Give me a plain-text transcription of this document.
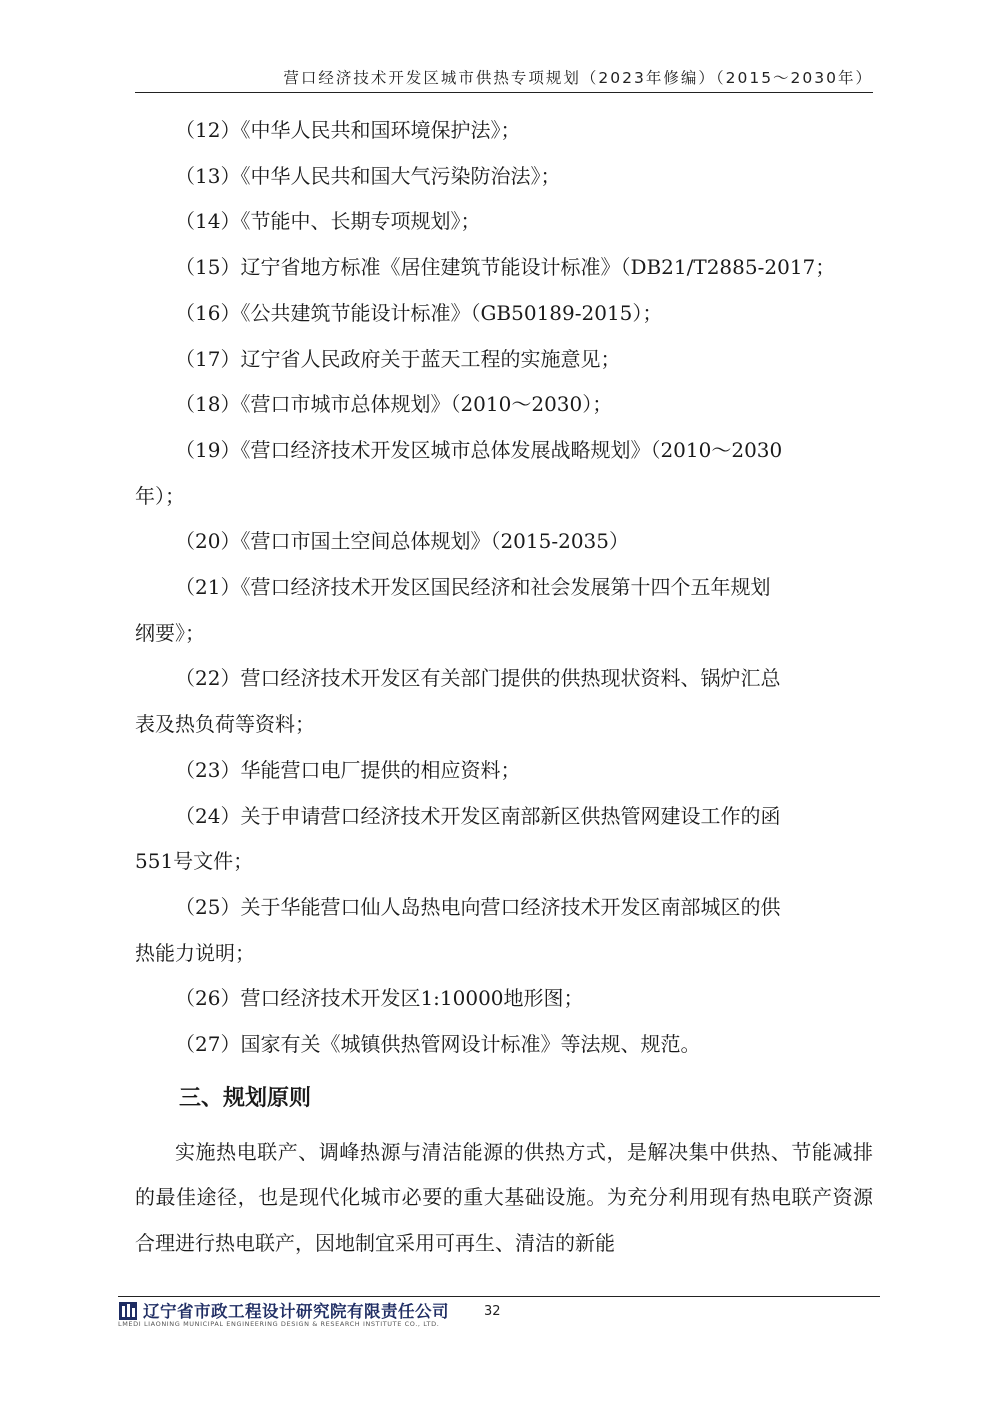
营口经济技术开发区城市供热专项规划（2023年修编）（2015～2030年）

（12）《中华人民共和国环境保护法》；

（13）《中华人民共和国大气污染防治法》；

（14）《节能中、长期专项规划》；

（15）辽宁省地方标准《居住建筑节能设计标准》（DB21/T2885-2017；

（16）《公共建筑节能设计标准》（GB50189-2015）；

（17）辽宁省人民政府关于蓝天工程的实施意见；

（18）《营口市城市总体规划》（2010～2030）；

（19）《营口经济技术开发区城市总体发展战略规划》（2010～2030

年）；

（20）《营口市国土空间总体规划》（2015-2035）

（21）《营口经济技术开发区国民经济和社会发展第十四个五年规划

纲要》；

（22）营口经济技术开发区有关部门提供的供热现状资料、锅炉汇总

表及热负荷等资料；

（23）华能营口电厂提供的相应资料；

（24）关于申请营口经济技术开发区南部新区供热管网建设工作的函

551号文件；

（25）关于华能营口仙人岛热电向营口经济技术开发区南部城区的供

热能力说明；

（26）营口经济技术开发区1:10000地形图；

（27）国家有关《城镇供热管网设计标准》等法规、规范。

三、规划原则

实施热电联产、调峰热源与清洁能源的供热方式，是解决集中供热、节能减排的最佳途径，也是现代化城市必要的重大基础设施。为充分利用现有热电联产资源合理进行热电联产，因地制宜采用可再生、清洁的新能

辽宁省市政工程设计研究院有限责任公司
LMEDI LIAONING MUNICIPAL ENGINEERING DESIGN & RESEARCH INSTITUTE CO., LTD.
32
